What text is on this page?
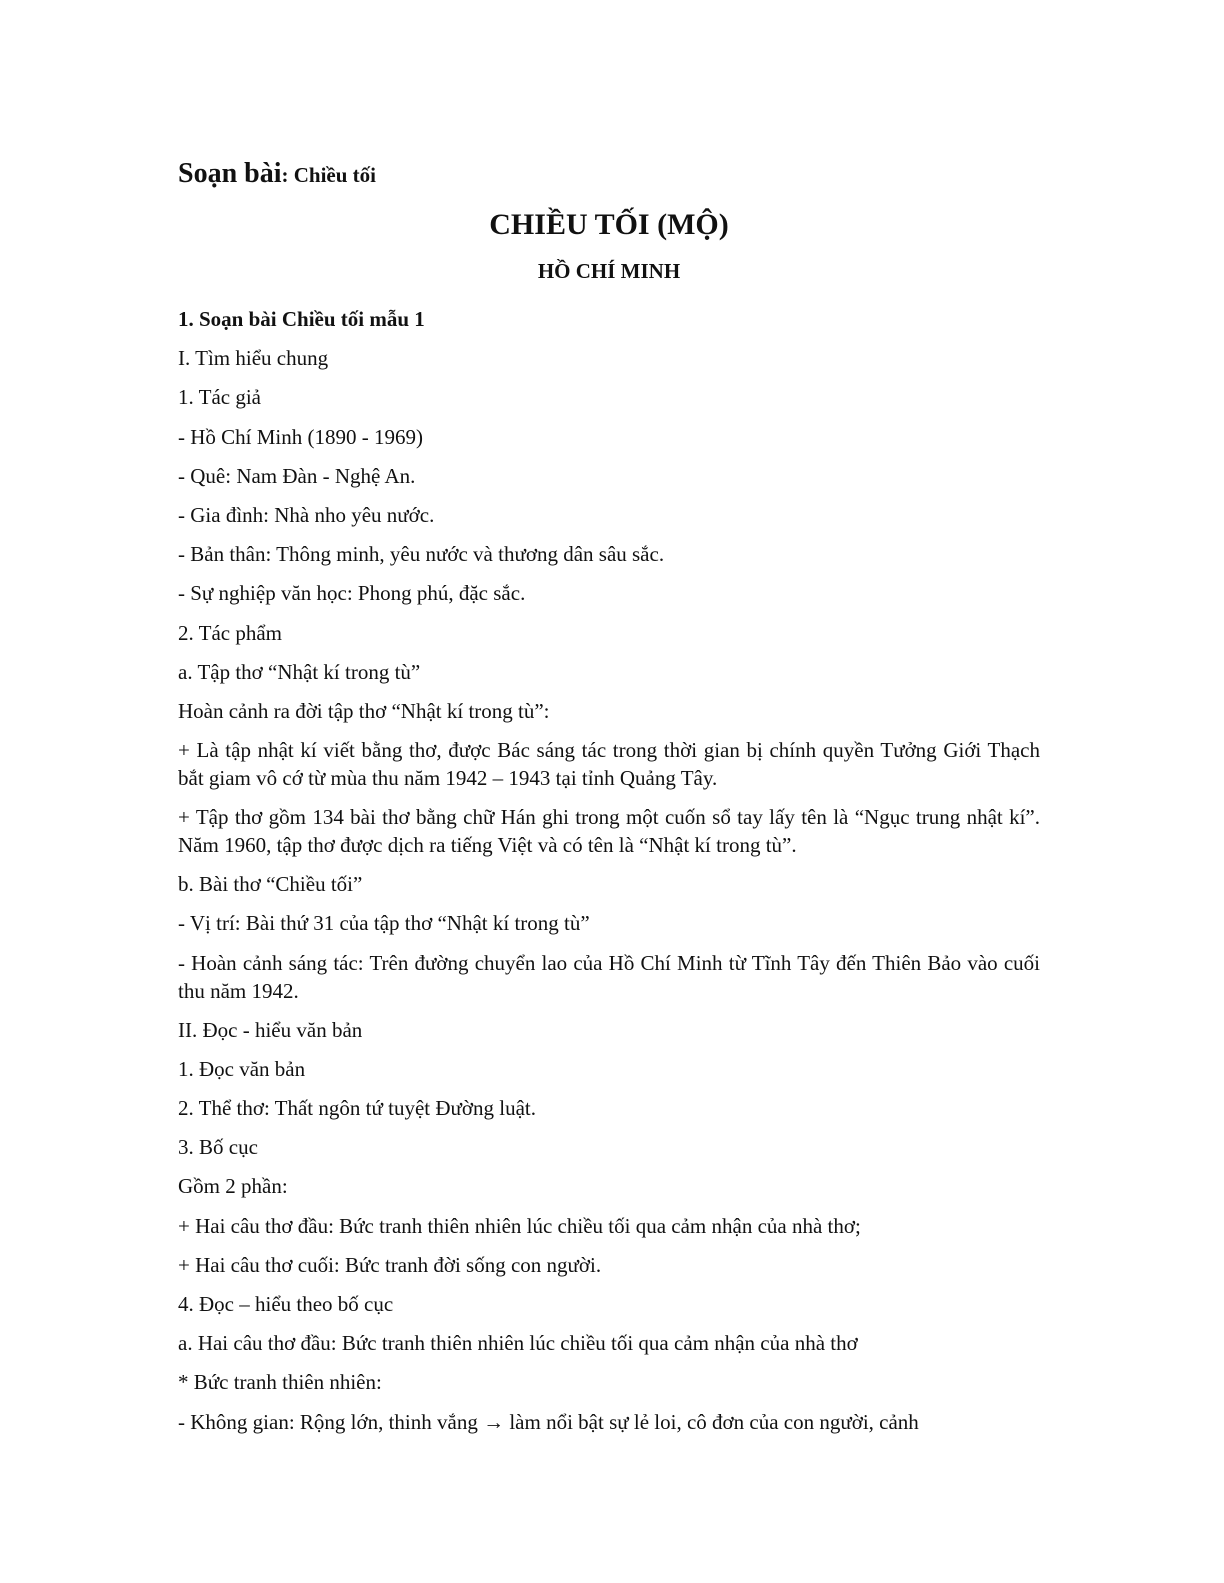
Soạn bài: Chiều tối

CHIỀU TỐI (MỘ)

HỒ CHÍ MINH

1. Soạn bài Chiều tối mẫu 1

I. Tìm hiểu chung

1. Tác giả

- Hồ Chí Minh (1890 - 1969)

- Quê: Nam Đàn - Nghệ An.

- Gia đình: Nhà nho yêu nước.

- Bản thân: Thông minh, yêu nước và thương dân sâu sắc.

- Sự nghiệp văn học: Phong phú, đặc sắc.

2. Tác phẩm

a. Tập thơ “Nhật kí trong tù”

Hoàn cảnh ra đời tập thơ “Nhật kí trong tù”:

+ Là tập nhật kí viết bằng thơ, được Bác sáng tác trong thời gian bị chính quyền Tưởng Giới Thạch bắt giam vô cớ từ mùa thu năm 1942 – 1943 tại tỉnh Quảng Tây.

+ Tập thơ gồm 134 bài thơ bằng chữ Hán ghi trong một cuốn sổ tay lấy tên là “Ngục trung nhật kí”. Năm 1960, tập thơ được dịch ra tiếng Việt và có tên là “Nhật kí trong tù”.

b. Bài thơ “Chiều tối”

- Vị trí: Bài thứ 31 của tập thơ “Nhật kí trong tù”

- Hoàn cảnh sáng tác: Trên đường chuyển lao của Hồ Chí Minh từ Tĩnh Tây đến Thiên Bảo vào cuối thu năm 1942.

II. Đọc - hiểu văn bản

1. Đọc văn bản

2. Thể thơ: Thất ngôn tứ tuyệt Đường luật.

3. Bố cục

Gồm 2 phần:

+ Hai câu thơ đầu: Bức tranh thiên nhiên lúc chiều tối qua cảm nhận của nhà thơ;

+ Hai câu thơ cuối: Bức tranh đời sống con người.

4. Đọc – hiểu theo bố cục

a. Hai câu thơ đầu: Bức tranh thiên nhiên lúc chiều tối qua cảm nhận của nhà thơ

* Bức tranh thiên nhiên:

- Không gian: Rộng lớn, thinh vắng → làm nổi bật sự lẻ loi, cô đơn của con người, cảnh
